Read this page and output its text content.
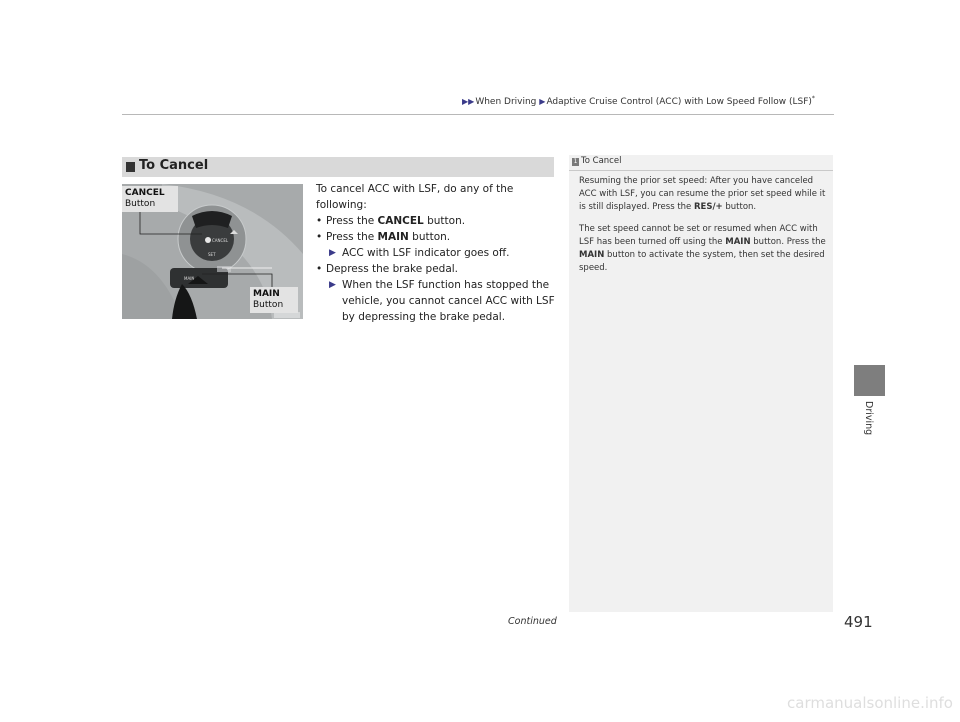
▶▶When Driving ▶Adaptive Cruise Control (ACC) with Low Speed Follow (LSF)*
To Cancel
CANCEL
SET
MAIN
CANCEL
Button
MAIN
Button

To cancel ACC with LSF, do any of the following:

• Press the CANCEL button.
• Press the MAIN button.
▶ ACC with LSF indicator goes off.
• Depress the brake pedal.
▶ When the LSF function has stopped the vehicle, you cannot cancel ACC with LSF by depressing the brake pedal.
1 To Cancel

Resuming the prior set speed: After you have canceled ACC with LSF, you can resume the prior set speed while it is still displayed. Press the RES/+ button.

The set speed cannot be set or resumed when ACC with LSF has been turned off using the MAIN button. Press the MAIN button to activate the system, then set the desired speed.

Driving
Continued	491
carmanualsonline.info
